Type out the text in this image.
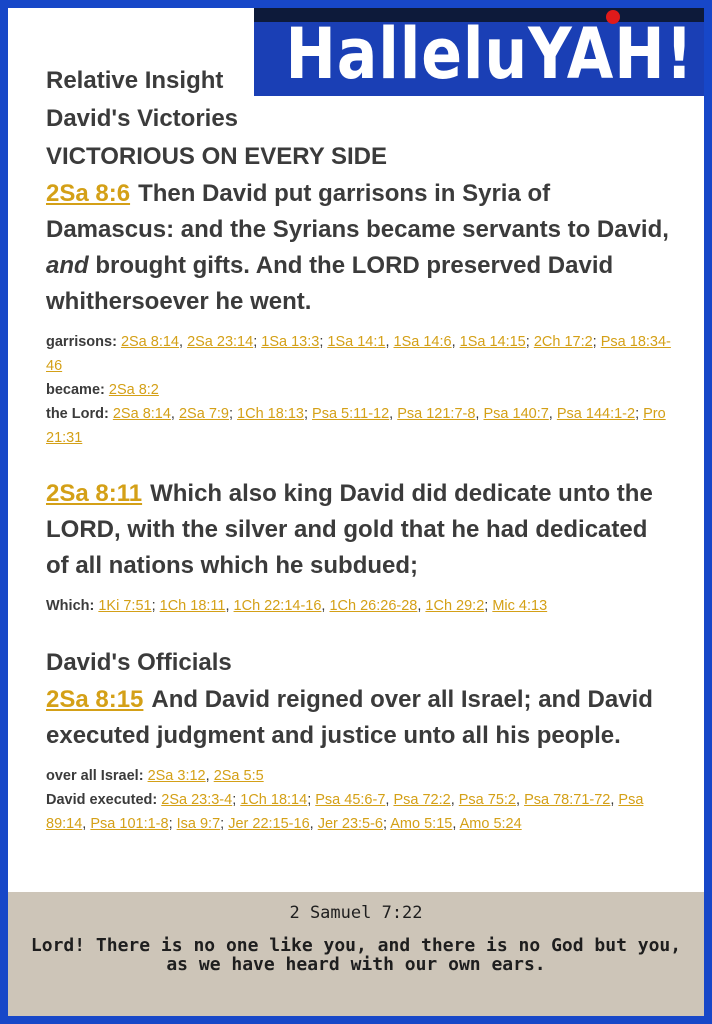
HalleluYAH!
Relative Insight
David's Victories
VICTORIOUS ON EVERY SIDE
2Sa 8:6 Then David put garrisons in Syria of Damascus: and the Syrians became servants to David, and brought gifts. And the LORD preserved David whithersoever he went.
garrisons: 2Sa 8:14, 2Sa 23:14; 1Sa 13:3; 1Sa 14:1, 1Sa 14:6, 1Sa 14:15; 2Ch 17:2; Psa 18:34-46
became: 2Sa 8:2
the Lord: 2Sa 8:14, 2Sa 7:9; 1Ch 18:13; Psa 5:11-12, Psa 121:7-8, Psa 140:7, Psa 144:1-2; Pro 21:31
2Sa 8:11 Which also king David did dedicate unto the LORD, with the silver and gold that he had dedicated of all nations which he subdued;
Which: 1Ki 7:51; 1Ch 18:11, 1Ch 22:14-16, 1Ch 26:26-28, 1Ch 29:2; Mic 4:13
David's Officials
2Sa 8:15 And David reigned over all Israel; and David executed judgment and justice unto all his people.
over all Israel: 2Sa 3:12, 2Sa 5:5
David executed: 2Sa 23:3-4; 1Ch 18:14; Psa 45:6-7, Psa 72:2, Psa 75:2, Psa 78:71-72, Psa 89:14, Psa 101:1-8; Isa 9:7; Jer 22:15-16, Jer 23:5-6; Amo 5:15, Amo 5:24
2 Samuel 7:22
Lord! There is no one like you, and there is no God but you, as we have heard with our own ears.
